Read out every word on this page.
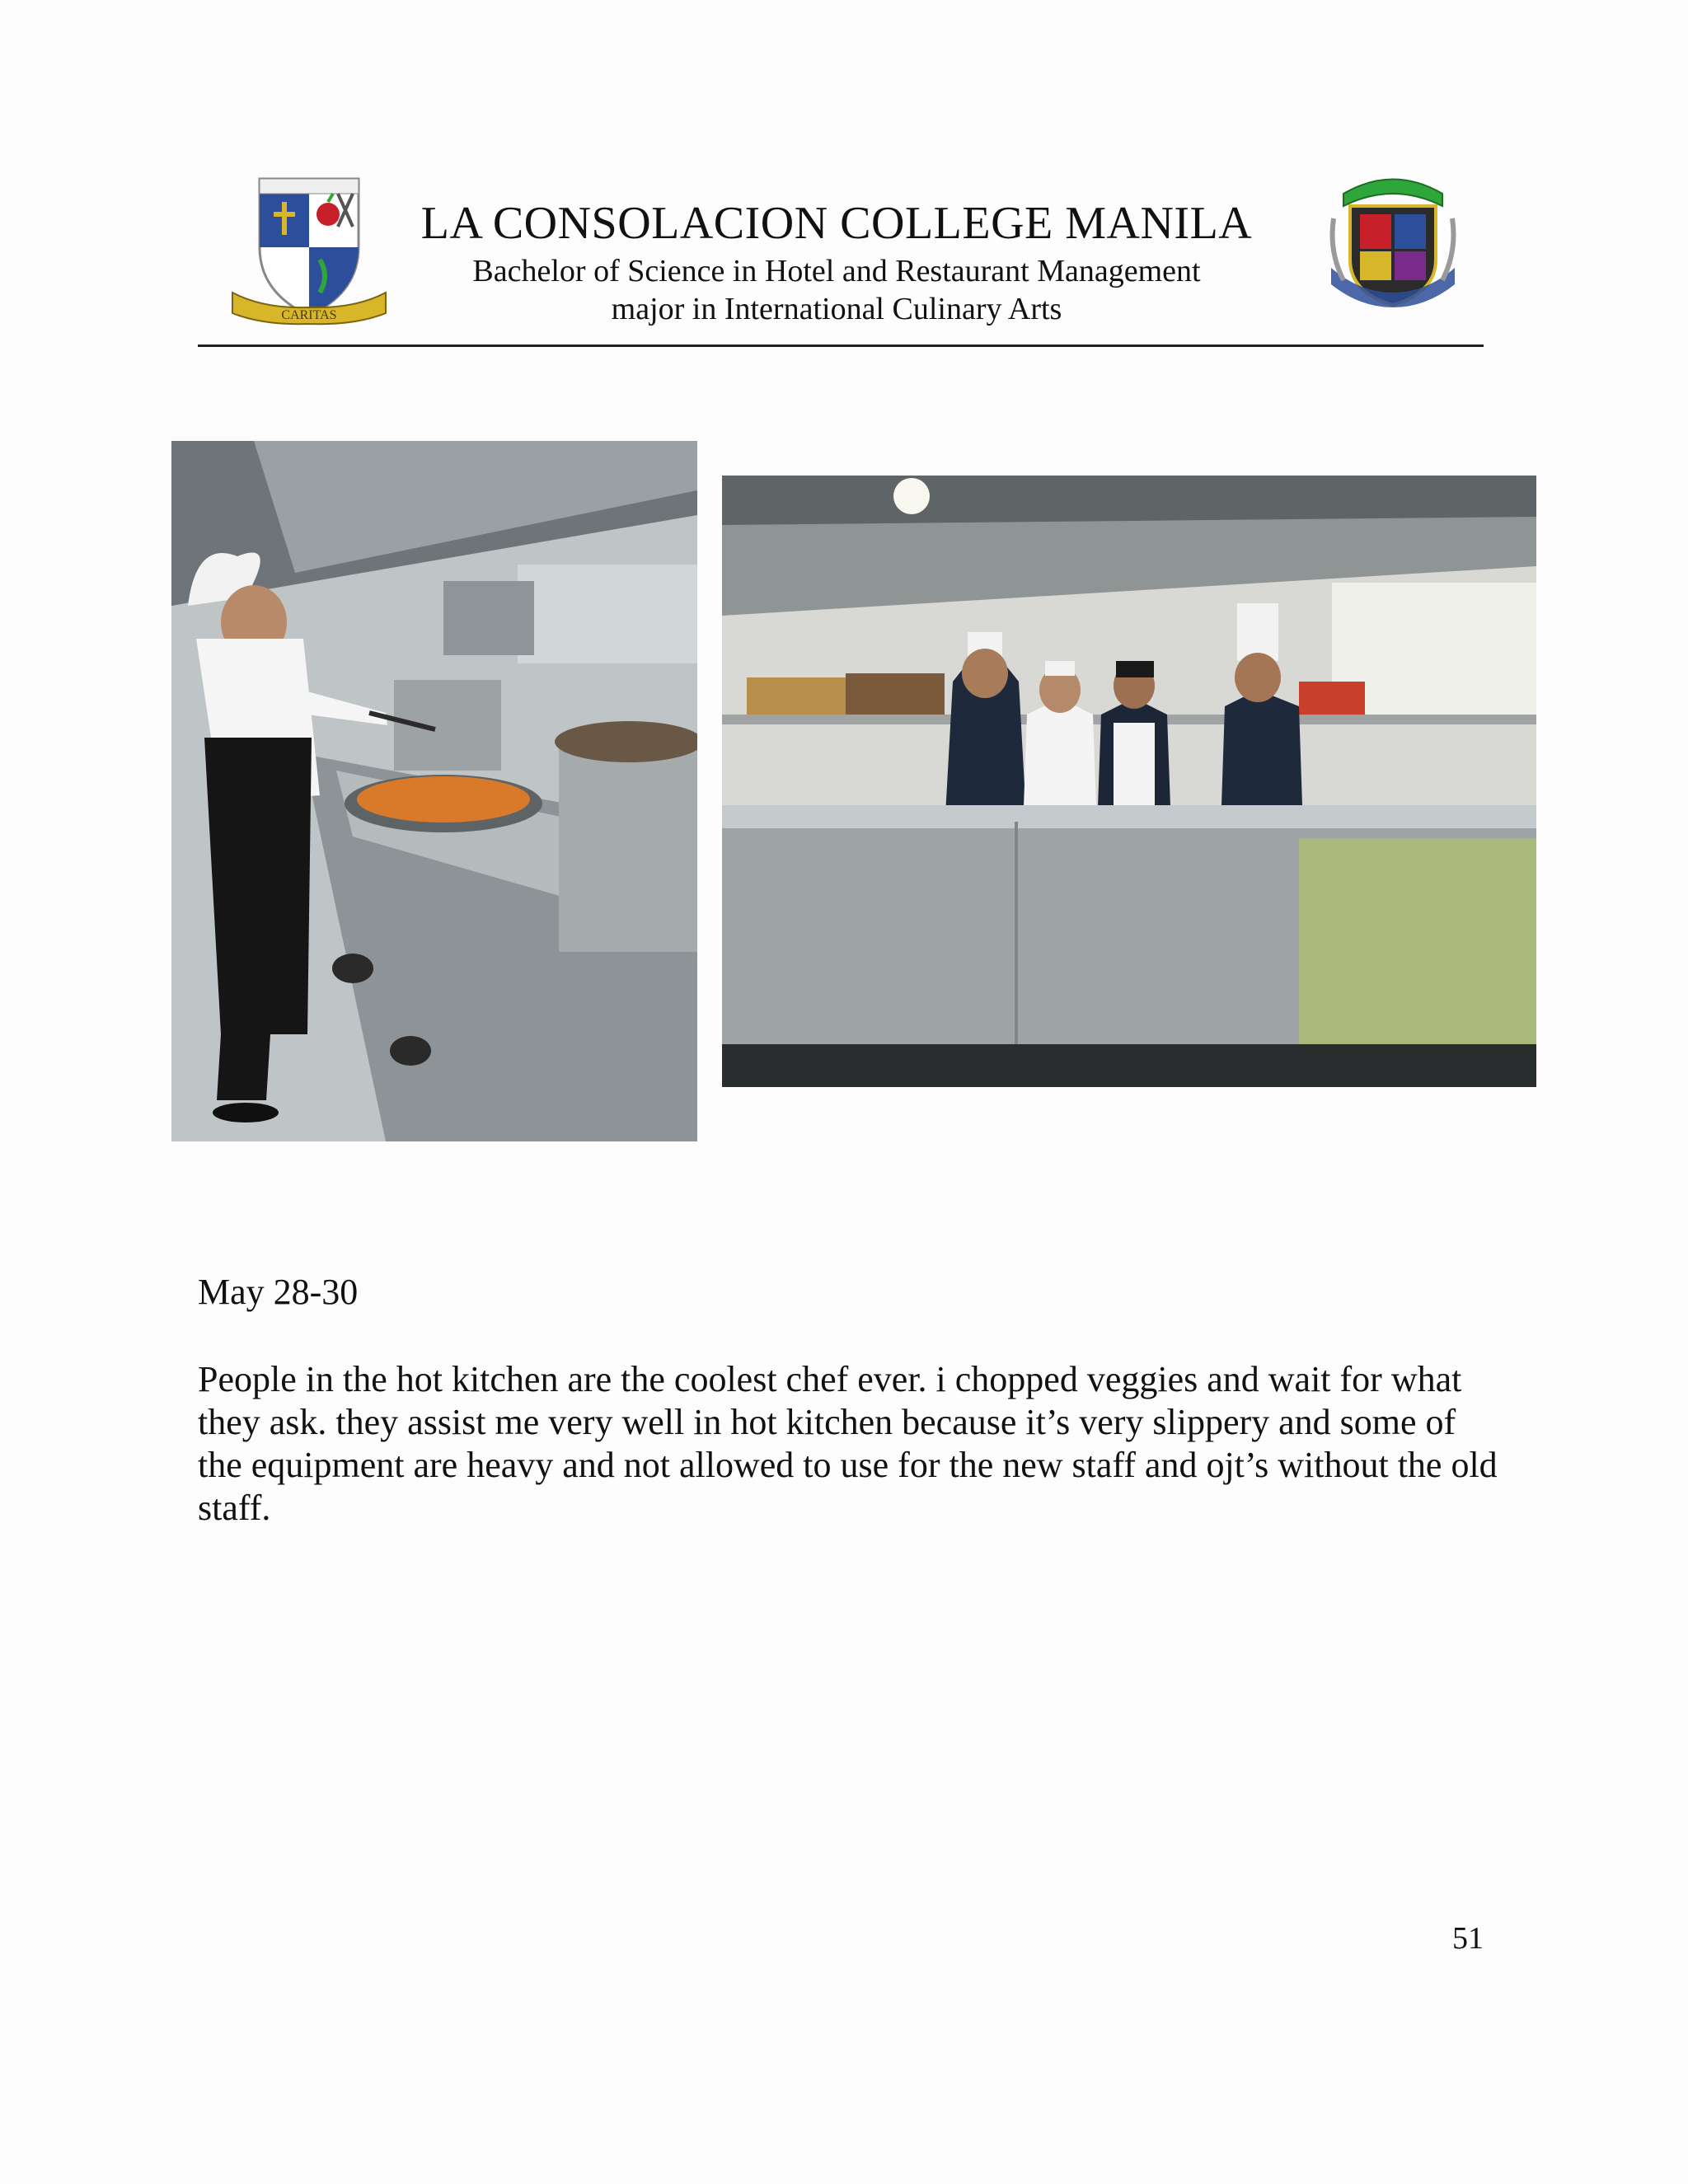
CARITAS
LA CONSOLACION COLLEGE MANILA
Bachelor of Science in Hotel and Restaurant Management
major in International Culinary Arts
May 28-30
People in the hot kitchen are the coolest chef ever. i chopped veggies and wait for what they ask. they assist me very well in hot kitchen because it’s very slippery and some of the equipment are heavy and not allowed to use for the new staff and ojt’s without the old staff.
51
